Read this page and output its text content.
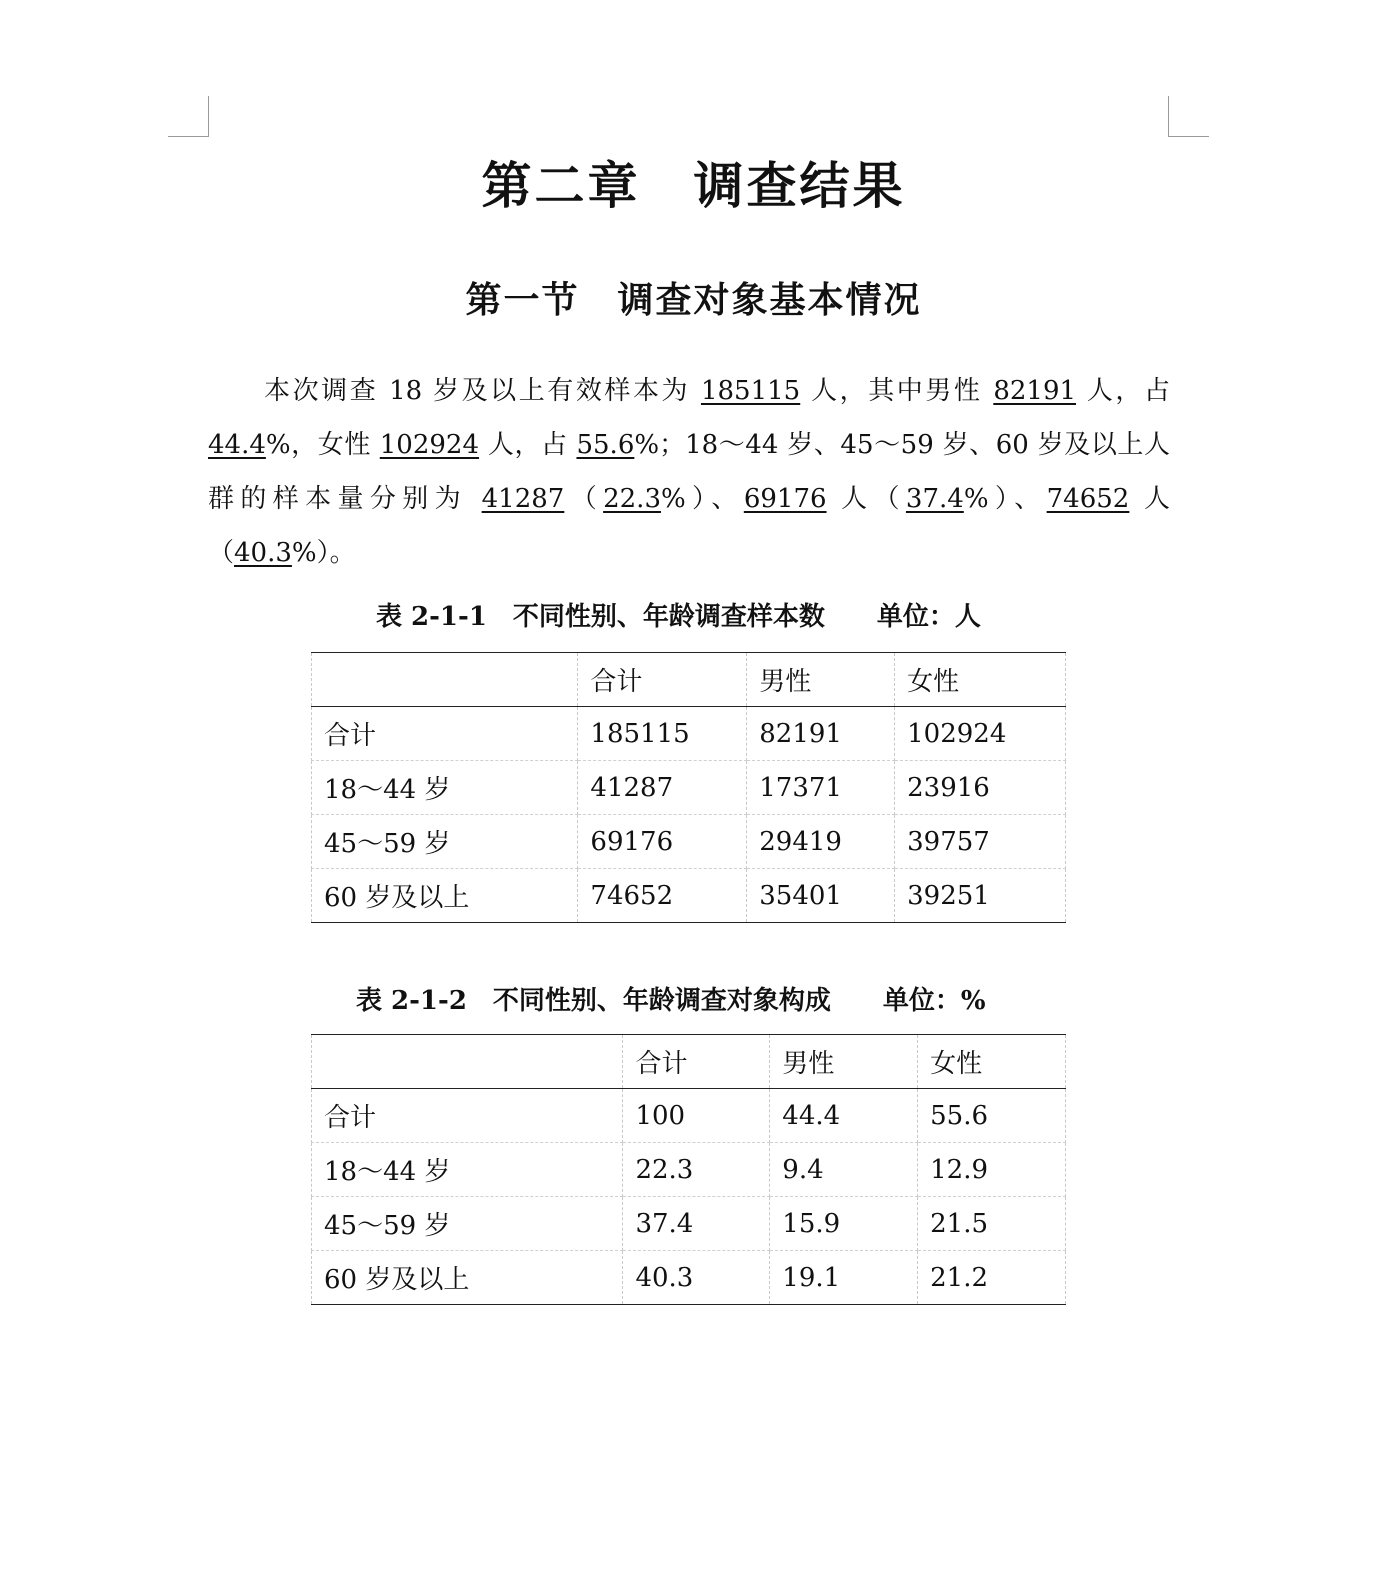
第二章　调查结果
第一节　调查对象基本情况

本次调查 18 岁及以上有效样本为 185115 人，其中男性 82191 人，占 44.4%，女性 102924 人，占 55.6%；18～44 岁、45～59 岁、60 岁及以上人群的样本量分别为 41287（22.3%）、69176 人（37.4%）、74652 人（40.3%）。

表 2-1-1　不同性别、年龄调查样本数　　单位：人

	合计	男性	女性
合计	185115	82191	102924
18～44 岁	41287	17371	23916
45～59 岁	69176	29419	39757
60 岁及以上	74652	35401	39251

表 2-1-2　不同性别、年龄调查对象构成　　单位：%

	合计	男性	女性
合计	100	44.4	55.6
18～44 岁	22.3	9.4	12.9
45～59 岁	37.4	15.9	21.5
60 岁及以上	40.3	19.1	21.2
